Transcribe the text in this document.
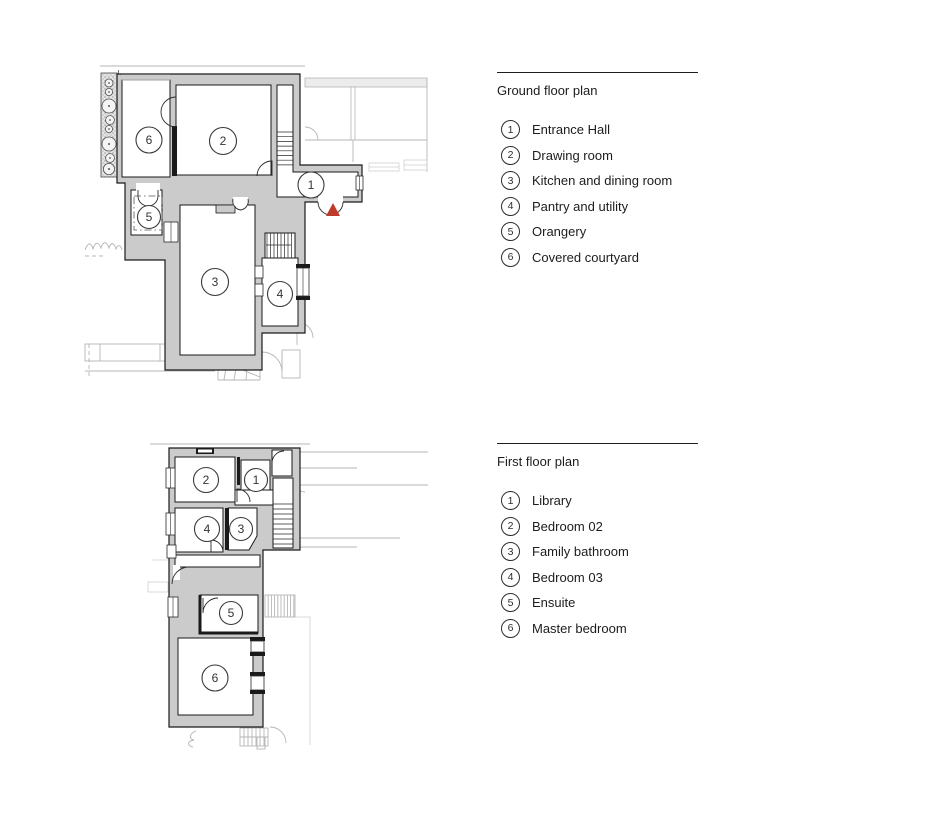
1
2
3
4
5
6
1
2
3
4
5
6
Ground floor plan
1	Entrance Hall
2	Drawing room
3	Kitchen and dining room
4	Pantry and utility
5	Orangery
6	Covered courtyard
First floor plan
1	Library
2	Bedroom 02
3	Family bathroom
4	Bedroom 03
5	Ensuite
6	Master bedroom
